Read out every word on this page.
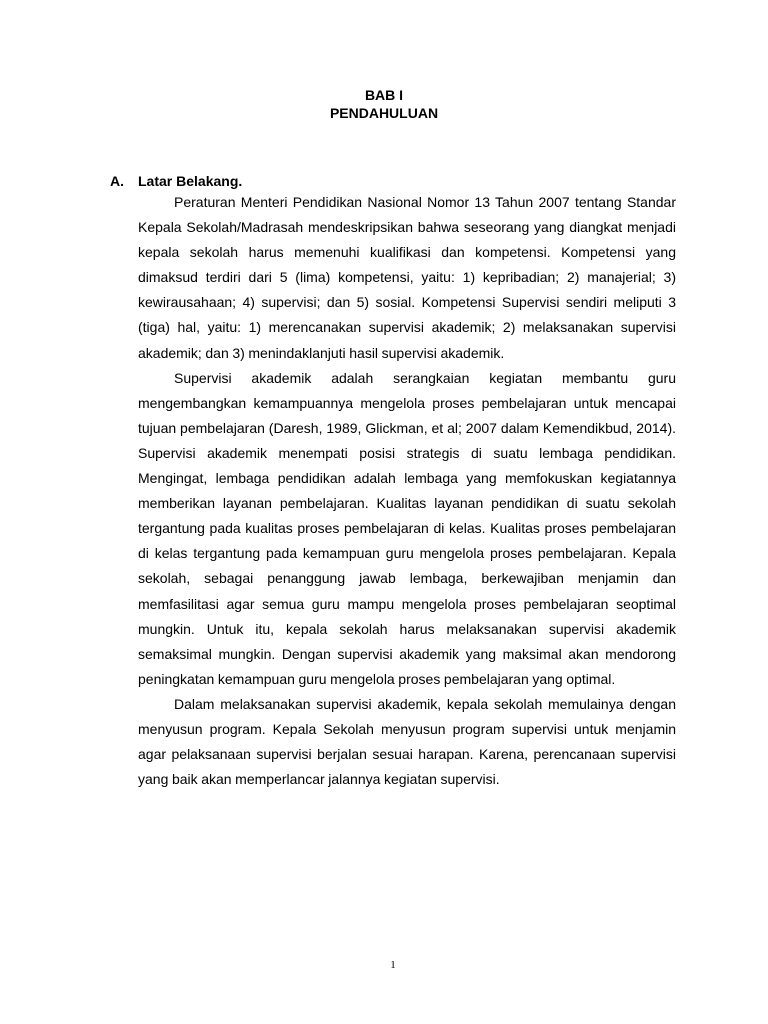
BAB I
PENDAHULUAN
A. Latar Belakang.

Peraturan Menteri Pendidikan Nasional Nomor 13 Tahun 2007 tentang Standar Kepala Sekolah/Madrasah mendeskripsikan bahwa seseorang yang diangkat menjadi kepala sekolah harus memenuhi kualifikasi dan kompetensi. Kompetensi yang dimaksud terdiri dari 5 (lima) kompetensi, yaitu: 1) kepribadian; 2) manajerial; 3) kewirausahaan; 4) supervisi; dan 5) sosial. Kompetensi Supervisi sendiri meliputi 3 (tiga) hal, yaitu: 1) merencanakan supervisi akademik; 2) melaksanakan supervisi akademik; dan 3) menindaklanjuti hasil supervisi akademik.

Supervisi akademik adalah serangkaian kegiatan membantu guru mengembangkan kemampuannya mengelola proses pembelajaran untuk mencapai tujuan pembelajaran (Daresh, 1989, Glickman, et al; 2007 dalam Kemendikbud, 2014). Supervisi akademik menempati posisi strategis di suatu lembaga pendidikan. Mengingat, lembaga pendidikan adalah lembaga yang memfokuskan kegiatannya memberikan layanan pembelajaran. Kualitas layanan pendidikan di suatu sekolah tergantung pada kualitas proses pembelajaran di kelas. Kualitas proses pembelajaran di kelas tergantung pada kemampuan guru mengelola proses pembelajaran. Kepala sekolah, sebagai penanggung jawab lembaga, berkewajiban menjamin dan memfasilitasi agar semua guru mampu mengelola proses pembelajaran seoptimal mungkin. Untuk itu, kepala sekolah harus melaksanakan supervisi akademik semaksimal mungkin. Dengan supervisi akademik yang maksimal akan mendorong peningkatan kemampuan guru mengelola proses pembelajaran yang optimal.

Dalam melaksanakan supervisi akademik, kepala sekolah memulainya dengan menyusun program. Kepala Sekolah menyusun program supervisi untuk menjamin agar pelaksanaan supervisi berjalan sesuai harapan. Karena, perencanaan supervisi yang baik akan memperlancar jalannya kegiatan supervisi.

1
